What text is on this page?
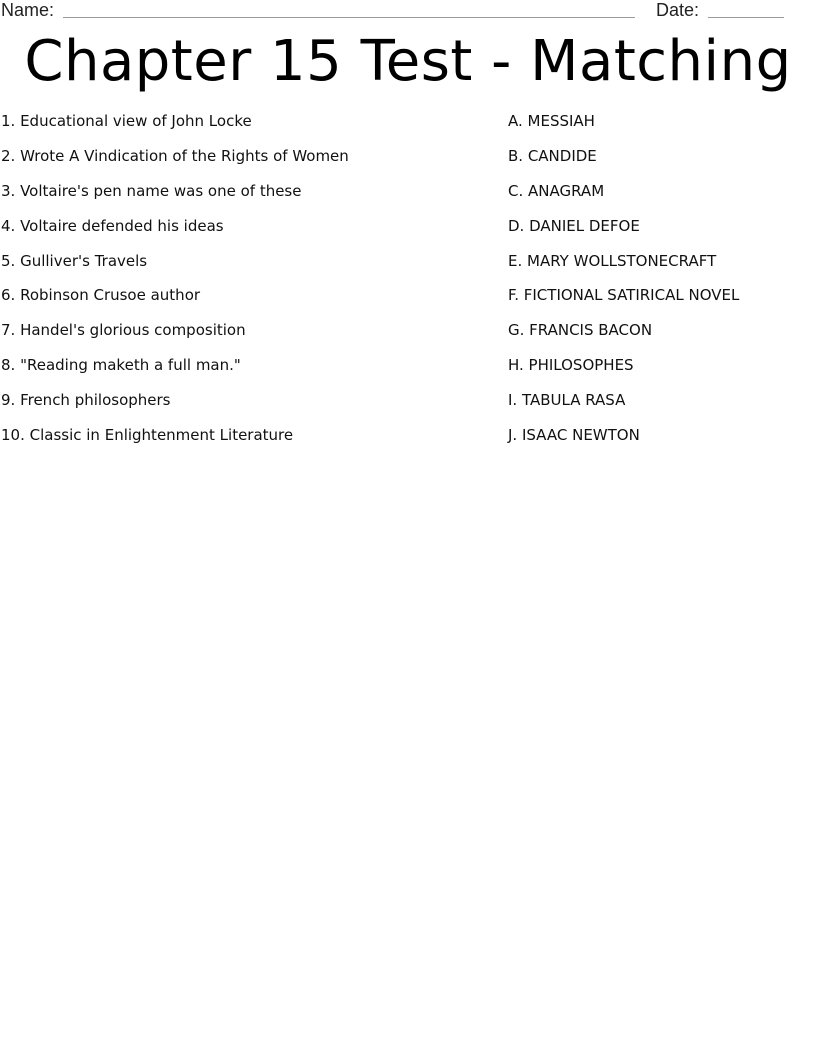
Name:	Date:
Chapter 15 Test - Matching
1. Educational view of John Locke
2. Wrote A Vindication of the Rights of Women
3. Voltaire's pen name was one of these
4. Voltaire defended his ideas
5. Gulliver's Travels
6. Robinson Crusoe author
7. Handel's glorious composition
8. "Reading maketh a full man."
9. French philosophers
10. Classic in Enlightenment Literature
A. MESSIAH
B. CANDIDE
C. ANAGRAM
D. DANIEL DEFOE
E. MARY WOLLSTONECRAFT
F. FICTIONAL SATIRICAL NOVEL
G. FRANCIS BACON
H. PHILOSOPHES
I. TABULA RASA
J. ISAAC NEWTON
